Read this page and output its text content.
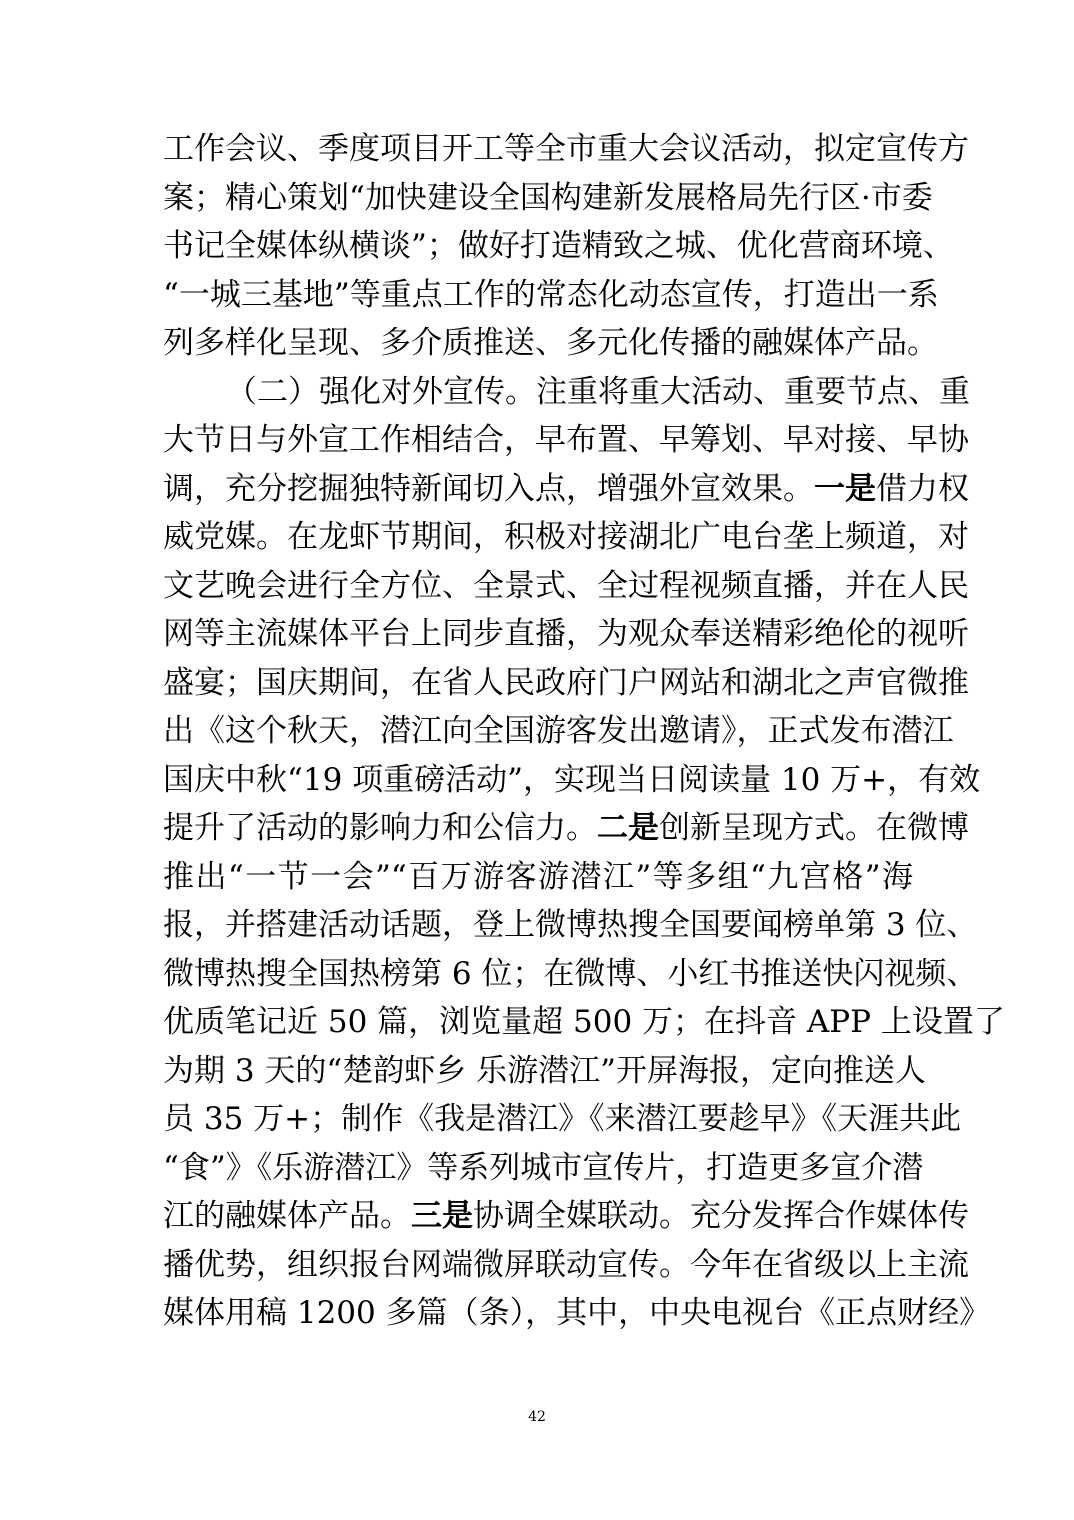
工作会议、季度项目开工等全市重大会议活动，拟定宣传方
案；精心策划“加快建设全国构建新发展格局先行区·市委
书记全媒体纵横谈”；做好打造精致之城、优化营商环境、
“一城三基地”等重点工作的常态化动态宣传，打造出一系
列多样化呈现、多介质推送、多元化传播的融媒体产品。
（二）强化对外宣传。注重将重大活动、重要节点、重
大节日与外宣工作相结合，早布置、早筹划、早对接、早协
调，充分挖掘独特新闻切入点，增强外宣效果。一是借力权
威党媒。在龙虾节期间，积极对接湖北广电台垄上频道，对
文艺晚会进行全方位、全景式、全过程视频直播，并在人民
网等主流媒体平台上同步直播，为观众奉送精彩绝伦的视听
盛宴；国庆期间，在省人民政府门户网站和湖北之声官微推
出《这个秋天，潜江向全国游客发出邀请》，正式发布潜江
国庆中秋“19 项重磅活动”，实现当日阅读量 10 万+，有效
提升了活动的影响力和公信力。二是创新呈现方式。在微博
推出“一节一会”“百万游客游潜江”等多组“九宫格”海
报，并搭建活动话题，登上微博热搜全国要闻榜单第 3 位、
微博热搜全国热榜第 6 位；在微博、小红书推送快闪视频、
优质笔记近 50 篇，浏览量超 500 万；在抖音 APP 上设置了
为期 3 天的“楚韵虾乡 乐游潜江”开屏海报，定向推送人
员 35 万+；制作《我是潜江》《来潜江要趁早》《天涯共此
“食”》《乐游潜江》等系列城市宣传片，打造更多宣介潜
江的融媒体产品。三是协调全媒联动。充分发挥合作媒体传
播优势，组织报台网端微屏联动宣传。今年在省级以上主流
媒体用稿 1200 多篇（条），其中，中央电视台《正点财经》
42
